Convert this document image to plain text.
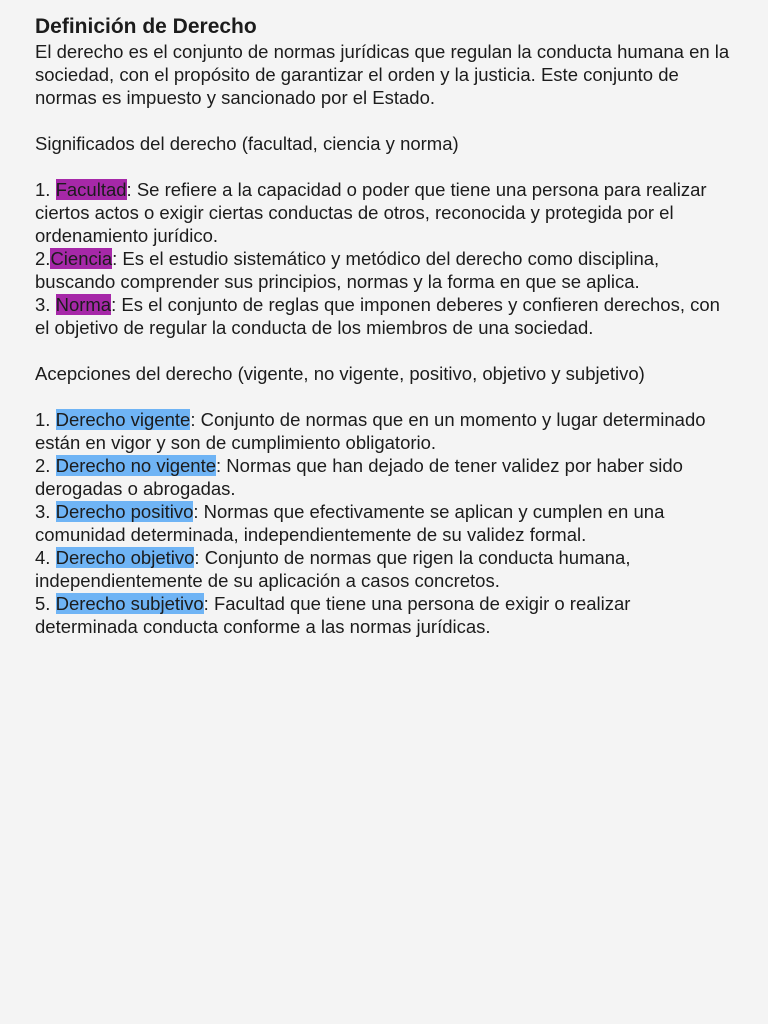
Definición de Derecho

El derecho es el conjunto de normas jurídicas que regulan la conducta humana en la sociedad, con el propósito de garantizar el orden y la justicia. Este conjunto de normas es impuesto y sancionado por el Estado.

Significados del derecho (facultad, ciencia y norma)

1. Facultad: Se refiere a la capacidad o poder que tiene una persona para realizar ciertos actos o exigir ciertas conductas de otros, reconocida y protegida por el ordenamiento jurídico.

2.Ciencia: Es el estudio sistemático y metódico del derecho como disciplina, buscando comprender sus principios, normas y la forma en que se aplica.

3. Norma: Es el conjunto de reglas que imponen deberes y confieren derechos, con el objetivo de regular la conducta de los miembros de una sociedad.

Acepciones del derecho (vigente, no vigente, positivo, objetivo y subjetivo)

1. Derecho vigente: Conjunto de normas que en un momento y lugar determinado están en vigor y son de cumplimiento obligatorio.

2. Derecho no vigente: Normas que han dejado de tener validez por haber sido derogadas o abrogadas.

3. Derecho positivo: Normas que efectivamente se aplican y cumplen en una comunidad determinada, independientemente de su validez formal.

4. Derecho objetivo: Conjunto de normas que rigen la conducta humana, independientemente de su aplicación a casos concretos.

5. Derecho subjetivo: Facultad que tiene una persona de exigir o realizar determinada conducta conforme a las normas jurídicas.
